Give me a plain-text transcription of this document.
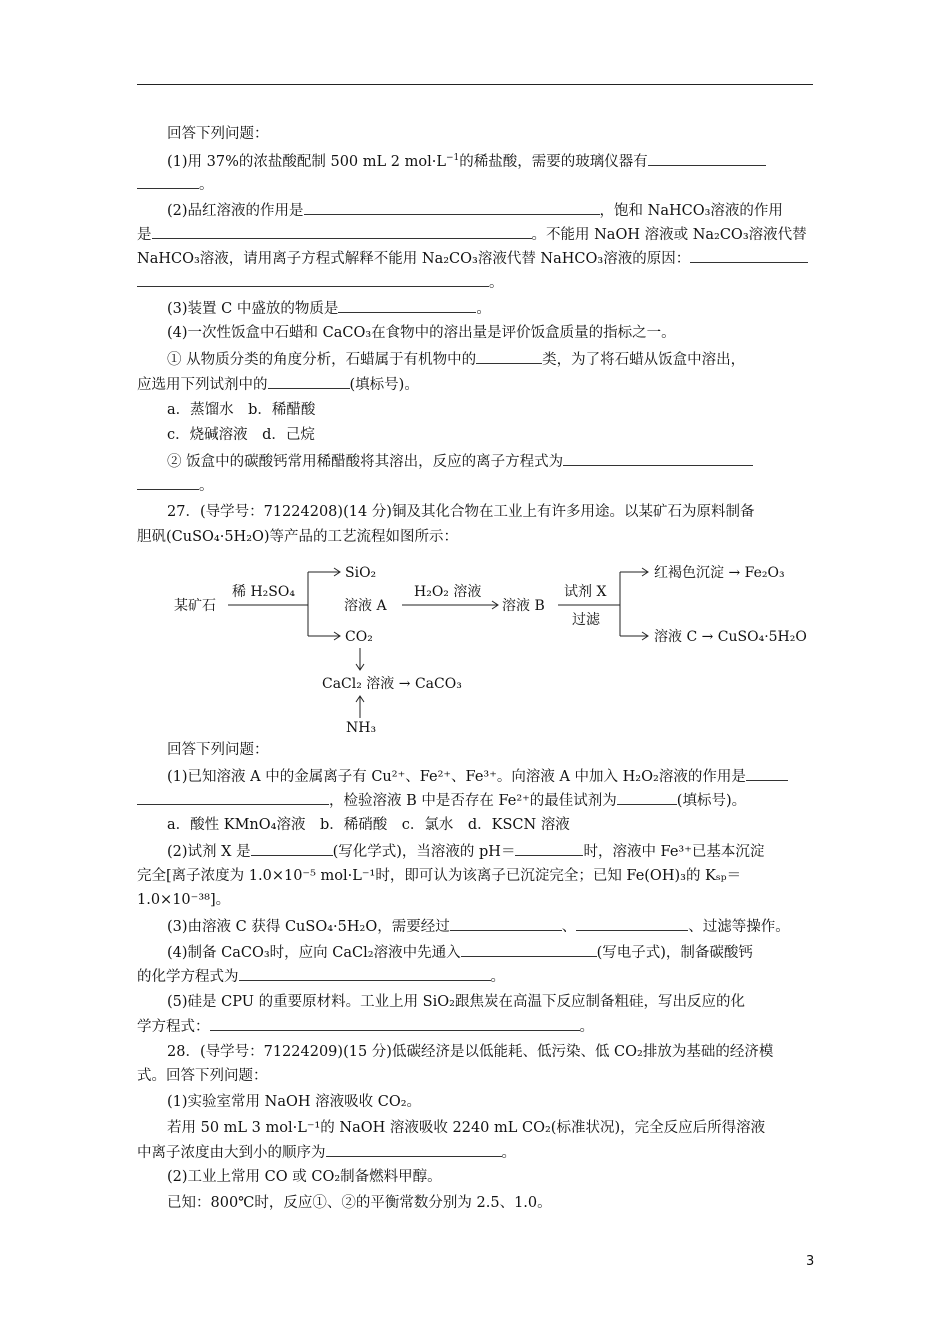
回答下列问题：
(1)用 37%的浓盐酸配制 500 mL 2 $mol\cdot L^{-1}$的稀盐酸，需要的玻璃仪器有
。
(2)品红溶液的作用是	，饱和 NaHCO₃溶液的作用
是	。不能用 NaOH 溶液或 Na₂CO₃溶液代替
NaHCO₃溶液，请用离子方程式解释不能用 Na₂CO₃溶液代替 NaHCO₃溶液的原因：
。
(3)装置 C 中盛放的物质是	。
(4)一次性饭盒中石蜡和 CaCO₃在食物中的溶出量是评价饭盒质量的指标之一。
① 从物质分类的角度分析，石蜡属于有机物中的	类，为了将石蜡从饭盒中溶出，
应选用下列试剂中的	(填标号)。
a．蒸馏水　b．稀醋酸
c．烧碱溶液　d．己烷
② 饭盒中的碳酸钙常用稀醋酸将其溶出，反应的离子方程式为
。
27．(导学号：71224208)(14 分)铜及其化合物在工业上有许多用途。以某矿石为原料制备
胆矾(CuSO₄·5H₂O)等产品的工艺流程如图所示：
某矿石
稀 H₂SO₄
SiO₂
溶液 A
CO₂
H₂O₂ 溶液
溶液 B
试剂 X
过滤
红褐色沉淀 → Fe₂O₃
溶液 C → CuSO₄·5H₂O
CaCl₂ 溶液 → CaCO₃
NH₃
回答下列问题：
(1)已知溶液 A 中的金属离子有 Cu²⁺、Fe²⁺、Fe³⁺。向溶液 A 中加入 H₂O₂溶液的作用是
，检验溶液 B 中是否存在 Fe²⁺的最佳试剂为	(填标号)。
a．酸性 KMnO₄溶液　b．稀硝酸　c．氯水　d．KSCN 溶液
(2)试剂 X 是	(写化学式)，当溶液的 pH＝	时，溶液中 Fe³⁺已基本沉淀
完全[离子浓度为 1.0×10⁻⁵ mol·L⁻¹时，即可认为该离子已沉淀完全；已知 Fe(OH)₃的 Kₛₚ＝
1.0×10⁻³⁸]。
(3)由溶液 C 获得 CuSO₄·5H₂O，需要经过	、	、过滤等操作。
(4)制备 CaCO₃时，应向 CaCl₂溶液中先通入	(写电子式)，制备碳酸钙
的化学方程式为	。
(5)硅是 CPU 的重要原材料。工业上用 SiO₂跟焦炭在高温下反应制备粗硅，写出反应的化
学方程式：	。
28．(导学号：71224209)(15 分)低碳经济是以低能耗、低污染、低 CO₂排放为基础的经济模
式。回答下列问题：
(1)实验室常用 NaOH 溶液吸收 CO₂。
若用 50 mL 3 mol·L⁻¹的 NaOH 溶液吸收 2240 mL CO₂(标准状况)，完全反应后所得溶液
中离子浓度由大到小的顺序为	。
(2)工业上常用 CO 或 CO₂制备燃料甲醇。
已知：800℃时，反应①、②的平衡常数分别为 2.5、1.0。
3
